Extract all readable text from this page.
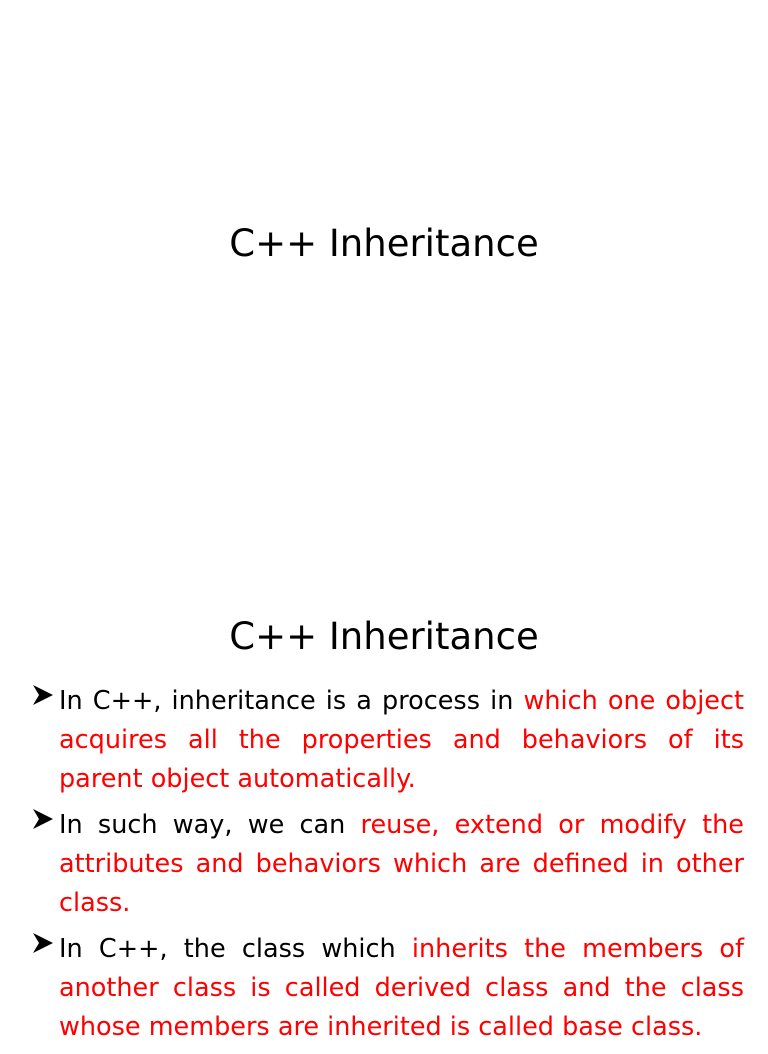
C++ Inheritance
C++ Inheritance
In C++, inheritance is a process in which one object acquires all the properties and behaviors of its parent object automatically.
In such way, we can reuse, extend or modify the attributes and behaviors which are defined in other class.
In C++, the class which inherits the members of another class is called derived class and the class whose members are inherited is called base class.
